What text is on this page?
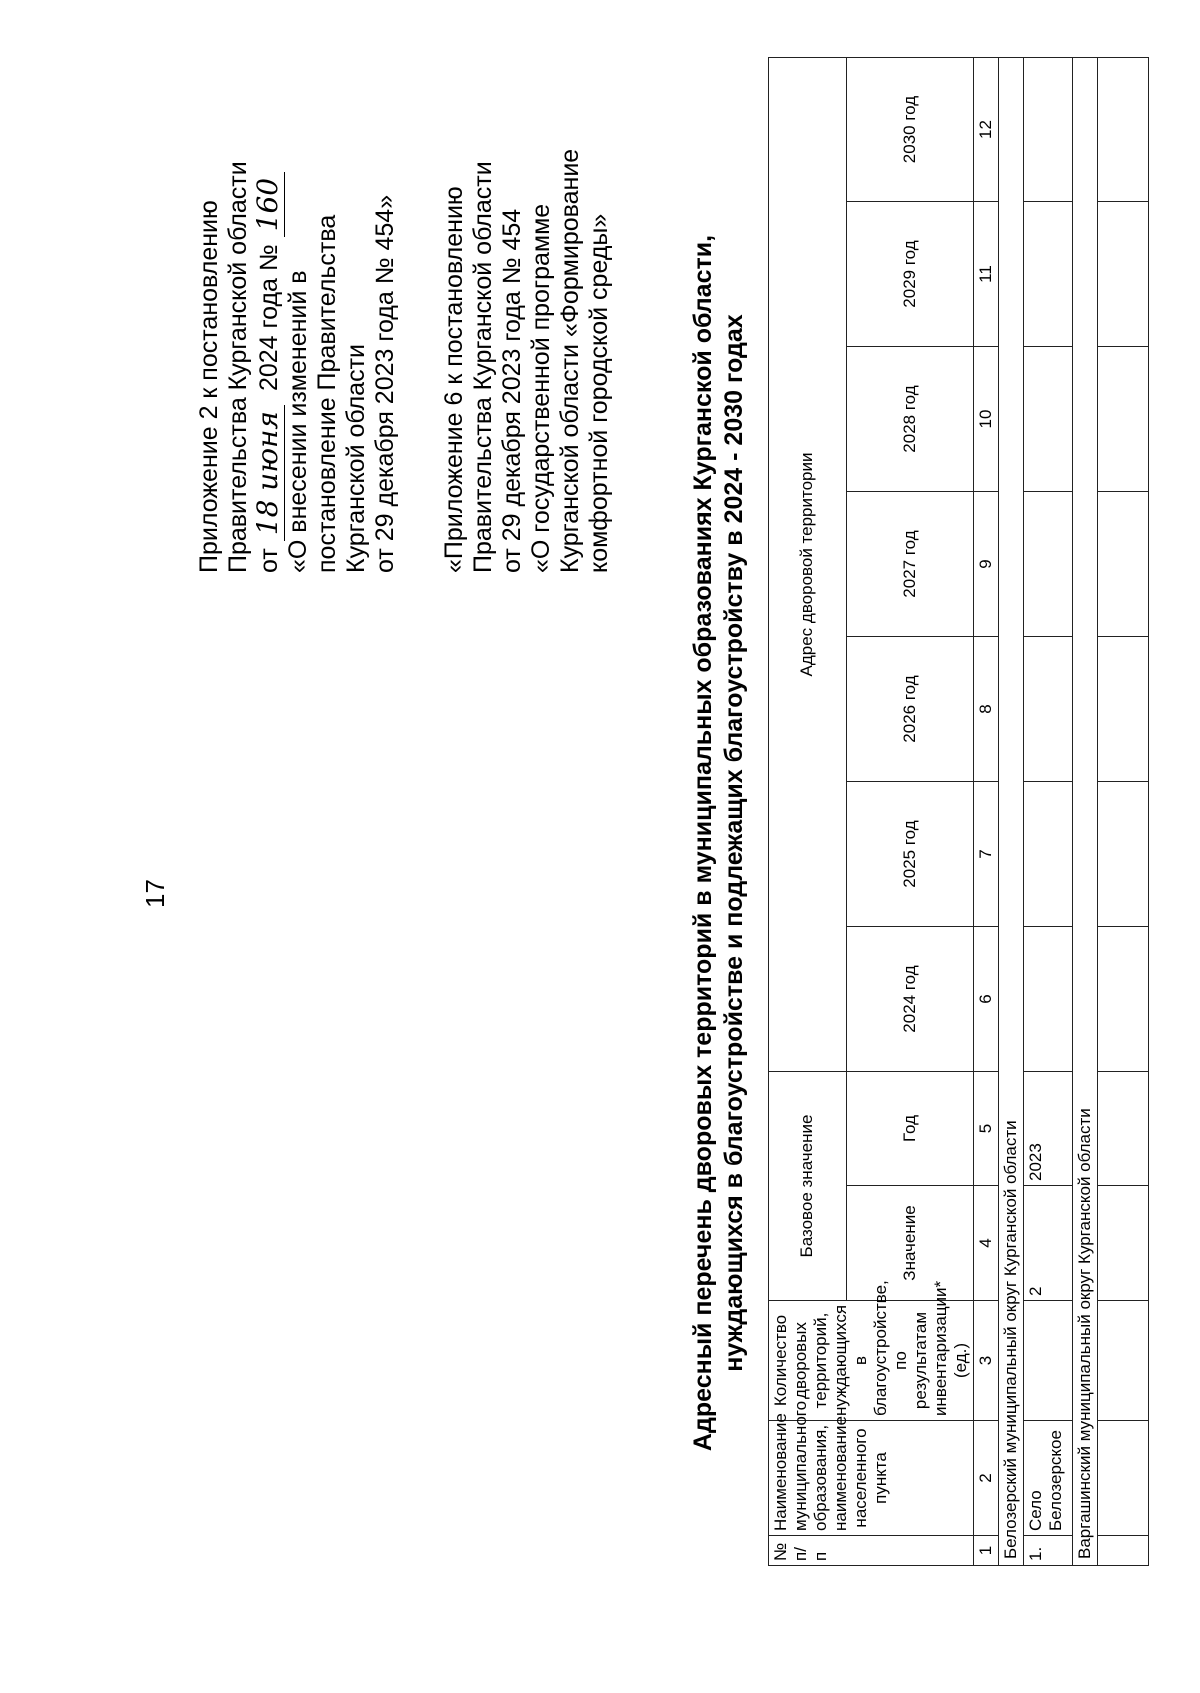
17
Приложение 2 к постановлению Правительства Курганской области от 18 июня2024 года № 160
«О внесении изменений в постановление Правительства Курганской области от 29 декабря 2023 года № 454» «Приложение 6 к постановлению Правительства Курганской области от 29 декабря 2023 года № 454 «О государственной программе Курганской области «Формирование комфортной городской среды»	Адресный перечень дворовых территорий в муниципальных образованиях Курганской области, нуждающихся в благоустройстве и подлежащих благоустройству в 2024 - 2030 годах
№ п/п	Наименование муниципального образования, наименование населенного пункта	Количество дворовых территорий, нуждающихся в благоустройстве, по результатам инвентаризации* (ед.)	Базовое значение		Адрес дворовой территории						
			Значение	Год	2024 год	2025 год	2026 год	2027 год	2028 год	2029 год	2030 год
1	2	3	4	5	6	7	8	9	10	11	12
Белозерский муниципальный округ Курганской области											
1.	Село Белозерское		2	2023							
Варгашинский муниципальный округ Курганской области											
